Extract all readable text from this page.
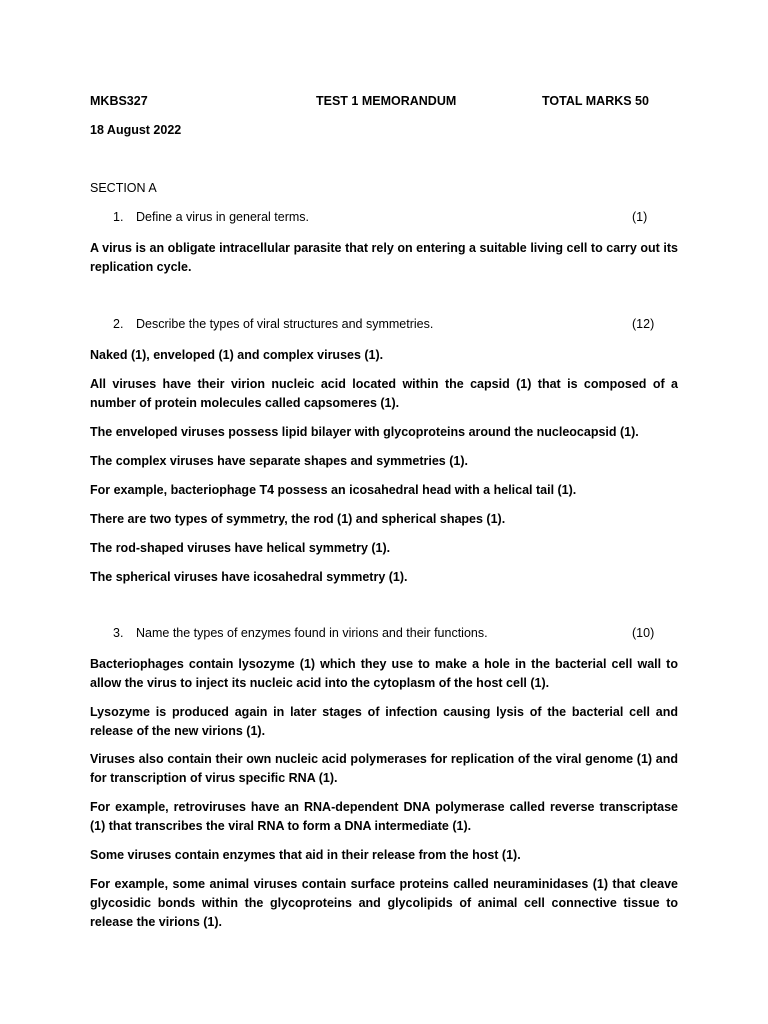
MKBS327	TEST 1 MEMORANDUM	TOTAL MARKS 50
18 August 2022
SECTION A
1. Define a virus in general terms.	(1)
A virus is an obligate intracellular parasite that rely on entering a suitable living cell to carry out its replication cycle.
2. Describe the types of viral structures and symmetries.	(12)
Naked (1), enveloped (1) and complex viruses (1).
All viruses have their virion nucleic acid located within the capsid (1) that is composed of a number of protein molecules called capsomeres (1).
The enveloped viruses possess lipid bilayer with glycoproteins around the nucleocapsid (1).
The complex viruses have separate shapes and symmetries (1).
For example, bacteriophage T4 possess an icosahedral head with a helical tail (1).
There are two types of symmetry, the rod (1) and spherical shapes (1).
The rod-shaped viruses have helical symmetry (1).
The spherical viruses have icosahedral symmetry (1).
3. Name the types of enzymes found in virions and their functions.	(10)
Bacteriophages contain lysozyme (1) which they use to make a hole in the bacterial cell wall to allow the virus to inject its nucleic acid into the cytoplasm of the host cell (1).
Lysozyme is produced again in later stages of infection causing lysis of the bacterial cell and release of the new virions (1).
Viruses also contain their own nucleic acid polymerases for replication of the viral genome (1) and for transcription of virus specific RNA (1).
For example, retroviruses have an RNA-dependent DNA polymerase called reverse transcriptase (1) that transcribes the viral RNA to form a DNA intermediate (1).
Some viruses contain enzymes that aid in their release from the host (1).
For example, some animal viruses contain surface proteins called neuraminidases (1) that cleave glycosidic bonds within the glycoproteins and glycolipids of animal cell connective tissue to release the virions (1).
